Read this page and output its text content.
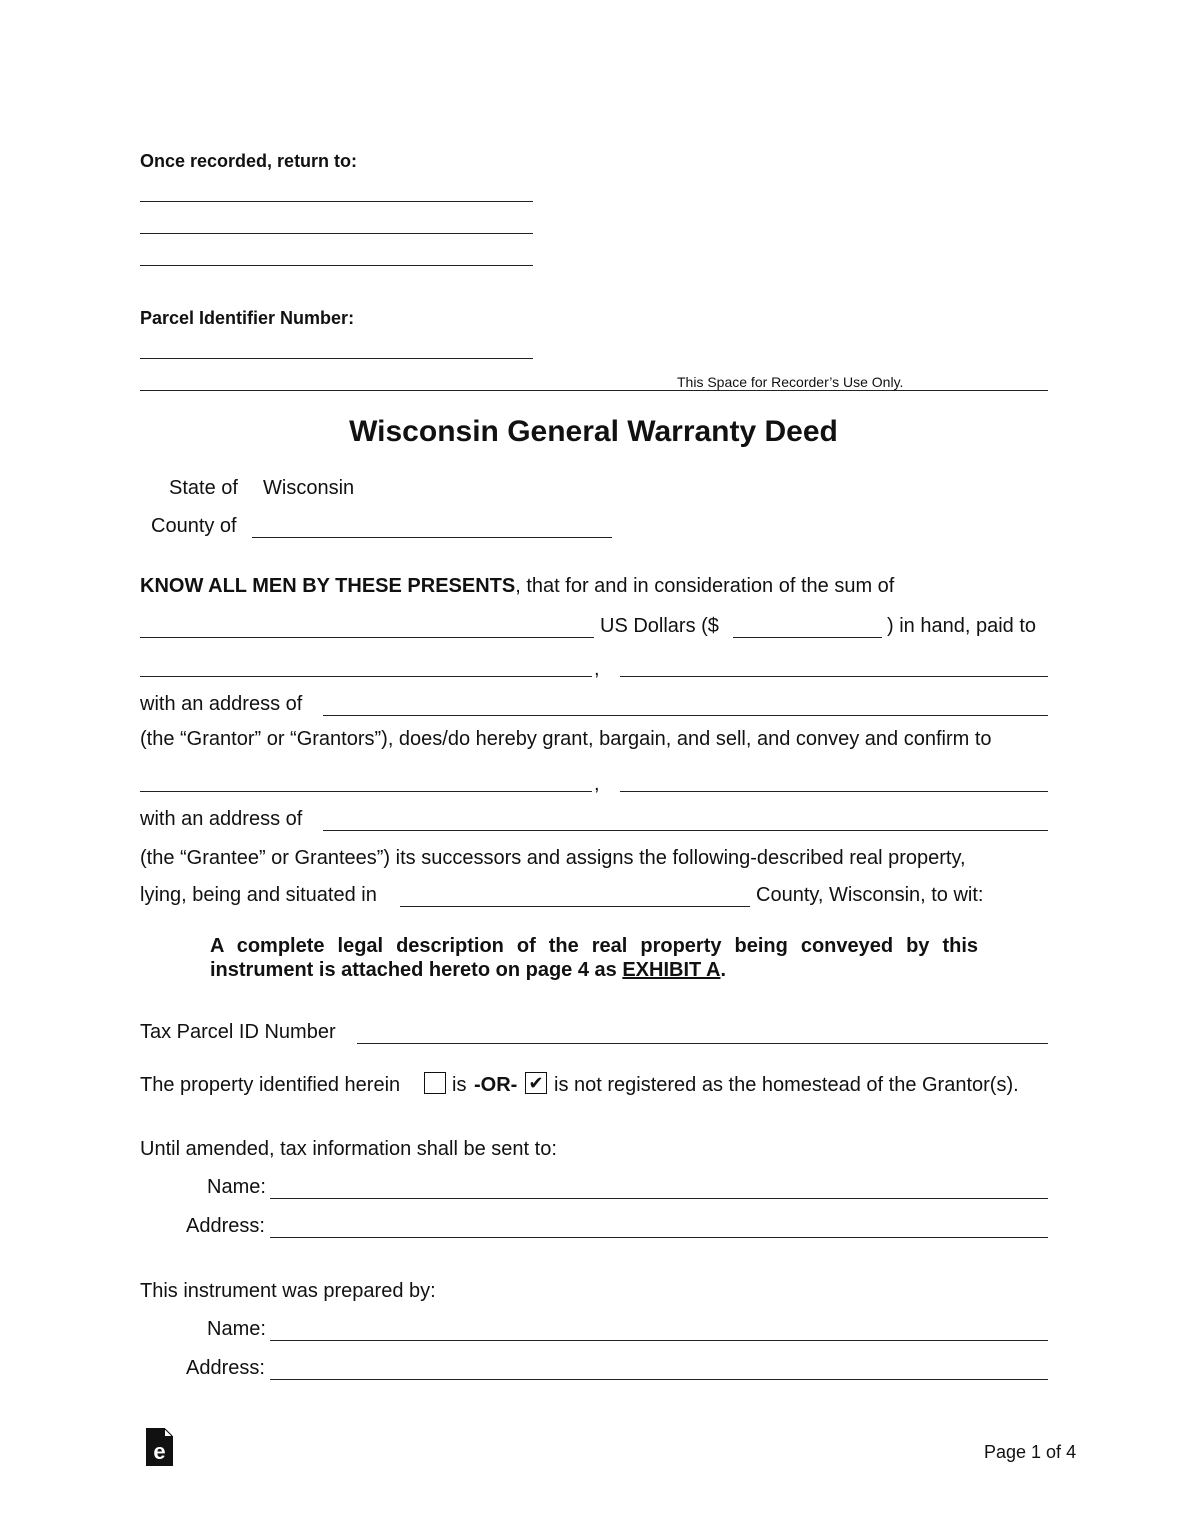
Once recorded, return to:
Parcel Identifier Number:
This Space for Recorder’s Use Only.
Wisconsin General Warranty Deed
State of Wisconsin
County of
KNOW ALL MEN BY THESE PRESENTS, that for and in consideration of the sum of
US Dollars ($	) in hand, paid to
,
with an address of
(the “Grantor” or “Grantors”), does/do hereby grant, bargain, and sell, and convey and confirm to
,
with an address of
(the “Grantee” or Grantees”) its successors and assigns the following-described real property,
lying, being and situated in	County, Wisconsin, to wit:
A complete legal description of the real property being conveyed by this
instrument is attached hereto on page 4 as EXHIBIT A.
Tax Parcel ID Number
The property identified herein	is -OR- ✔ is not registered as the homestead of the Grantor(s).
Until amended, tax information shall be sent to:
Name:
Address:
This instrument was prepared by:
Name:
Address:
e	Page 1 of 4
